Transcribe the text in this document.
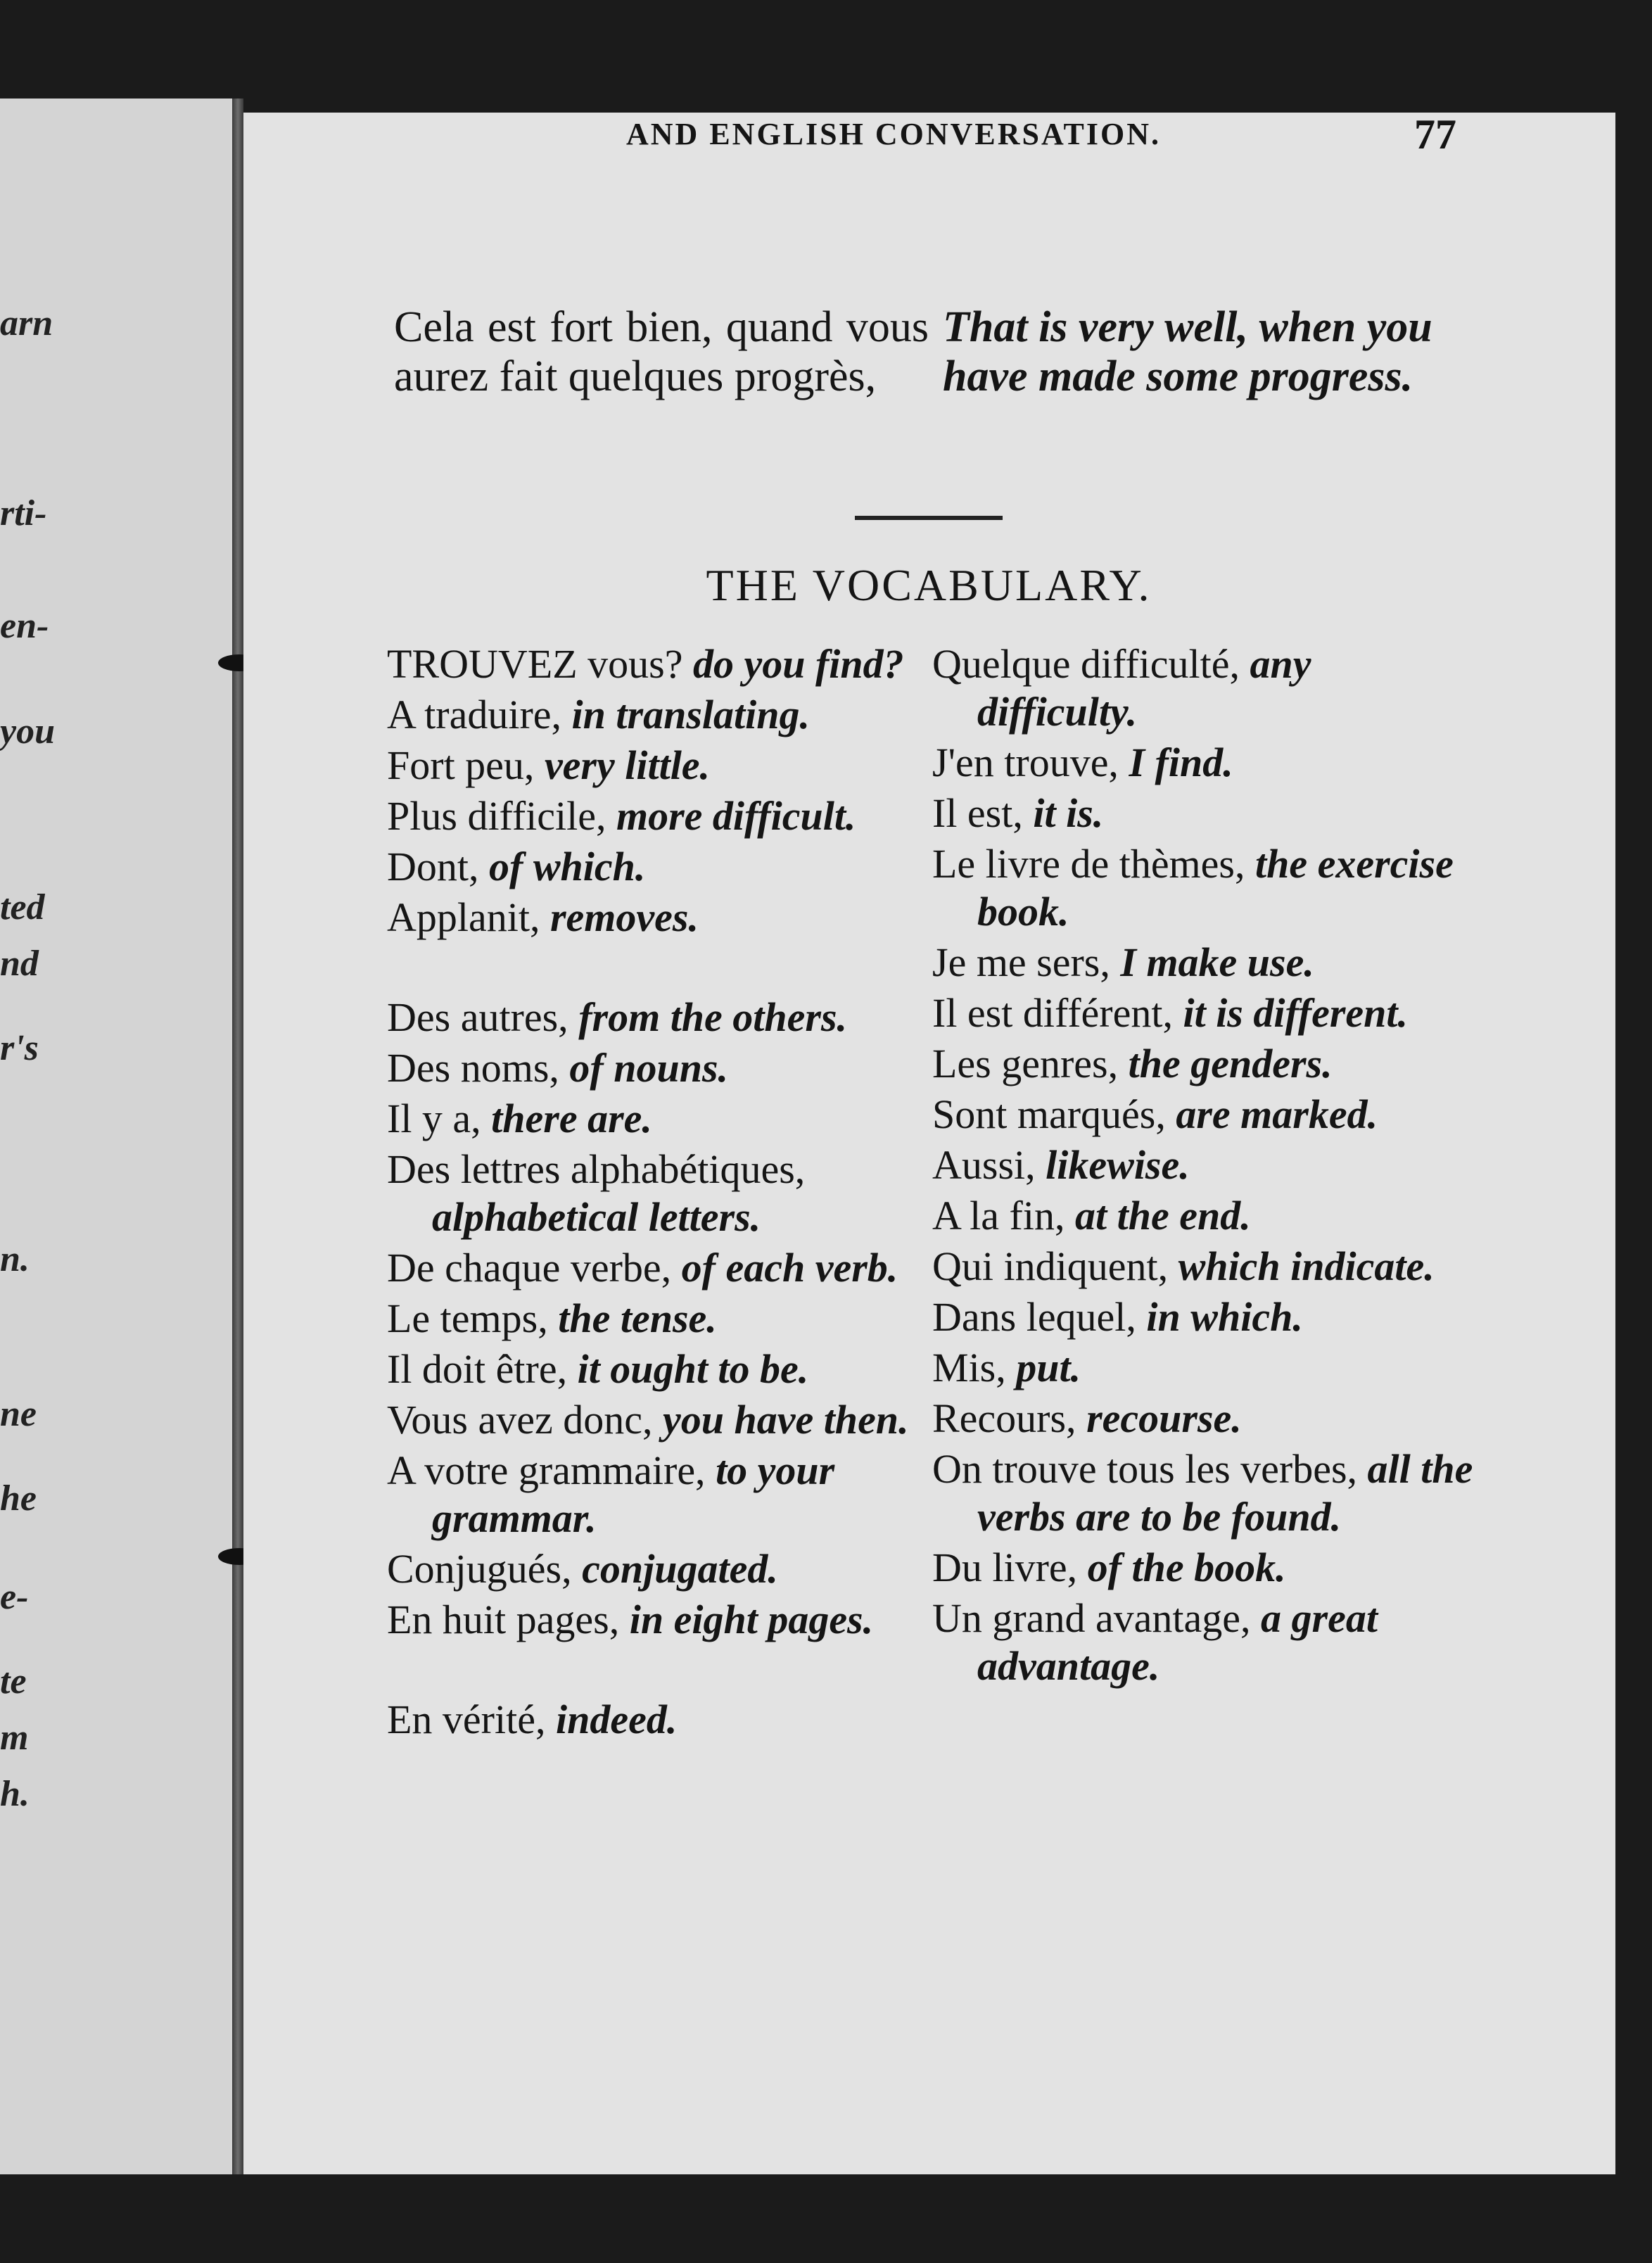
arn
rti-
en-
you
ted
nd
r's
n.
ne
he
e-
te
m
h.
AND ENGLISH CONVERSATION.	77
Cela est fort bien, quand vous aurez fait quelques progrès,
That is very well, when you have made some progress.
THE VOCABULARY.
TROUVEZ vous? do you find?
A traduire, in translating.
Fort peu, very little.
Plus difficile, more difficult.
Dont, of which.
Applanit, removes.
Des autres, from the others.
Des noms, of nouns.
Il y a, there are.
Des lettres alphabétiques, alphabetical letters.
De chaque verbe, of each verb.
Le temps, the tense.
Il doit être, it ought to be.
Vous avez donc, you have then.
A votre grammaire, to your grammar.
Conjugués, conjugated.
En huit pages, in eight pages.
En vérité, indeed.
Quelque difficulté, any difficulty.
J'en trouve, I find.
Il est, it is.
Le livre de thèmes, the exercise book.
Je me sers, I make use.
Il est différent, it is different.
Les genres, the genders.
Sont marqués, are marked.
Aussi, likewise.
A la fin, at the end.
Qui indiquent, which indicate.
Dans lequel, in which.
Mis, put.
Recours, recourse.
On trouve tous les verbes, all the verbs are to be found.
Du livre, of the book.
Un grand avantage, a great advantage.
